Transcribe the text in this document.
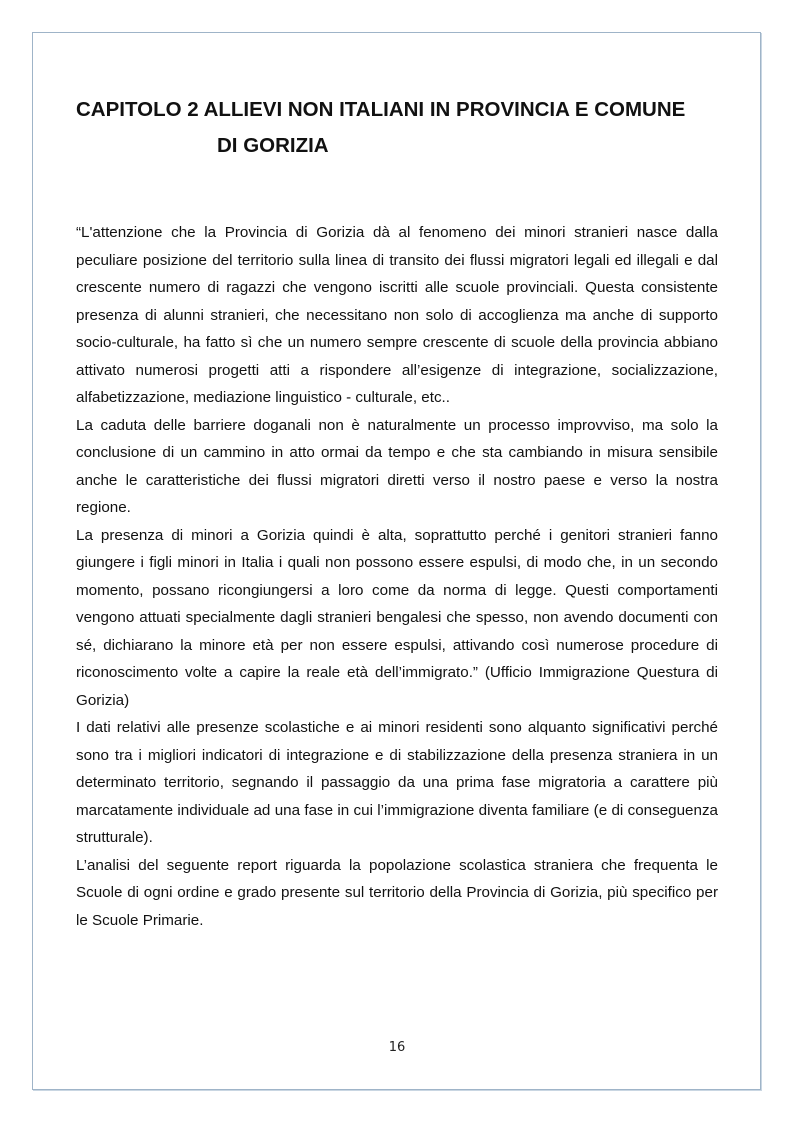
CAPITOLO 2 ALLIEVI NON ITALIANI IN PROVINCIA E COMUNE
DI GORIZIA

“L'attenzione che la Provincia di Gorizia dà al fenomeno dei minori stranieri nasce dalla peculiare posizione del territorio sulla linea di transito dei flussi migratori legali ed illegali e dal crescente numero di ragazzi che vengono iscritti alle scuole provinciali. Questa consistente presenza di alunni stranieri, che necessitano non solo di accoglienza ma anche di supporto socio-culturale, ha fatto sì che un numero sempre crescente di scuole della provincia abbiano attivato numerosi progetti atti a rispondere all’esigenze di integrazione, socializzazione, alfabetizzazione, mediazione linguistico - culturale, etc..

La caduta delle barriere doganali non è naturalmente un processo improvviso, ma solo la conclusione di un cammino in atto ormai da tempo e che sta cambiando in misura sensibile anche le caratteristiche dei flussi migratori diretti verso il nostro paese e verso la nostra regione.

La presenza di minori a Gorizia quindi è alta, soprattutto perché i genitori stranieri fanno giungere i figli minori in Italia i quali non possono essere espulsi, di modo che, in un secondo momento, possano ricongiungersi a loro come da norma di legge. Questi comportamenti vengono attuati specialmente dagli stranieri bengalesi che spesso, non avendo documenti con sé, dichiarano la minore età per non essere espulsi, attivando così numerose procedure di riconoscimento volte a capire la reale età dell’immigrato.” (Ufficio Immigrazione Questura di Gorizia)

I dati relativi alle presenze scolastiche e ai minori residenti sono alquanto significativi perché sono tra i migliori indicatori di integrazione e di stabilizzazione della presenza straniera in un determinato territorio, segnando il passaggio da una prima fase migratoria a carattere più marcatamente individuale ad una fase in cui l’immigrazione diventa familiare (e di conseguenza strutturale).

L’analisi del seguente report riguarda la popolazione scolastica straniera che frequenta le Scuole di ogni ordine e grado presente sul territorio della Provincia di Gorizia, più specifico per le Scuole Primarie.

16
